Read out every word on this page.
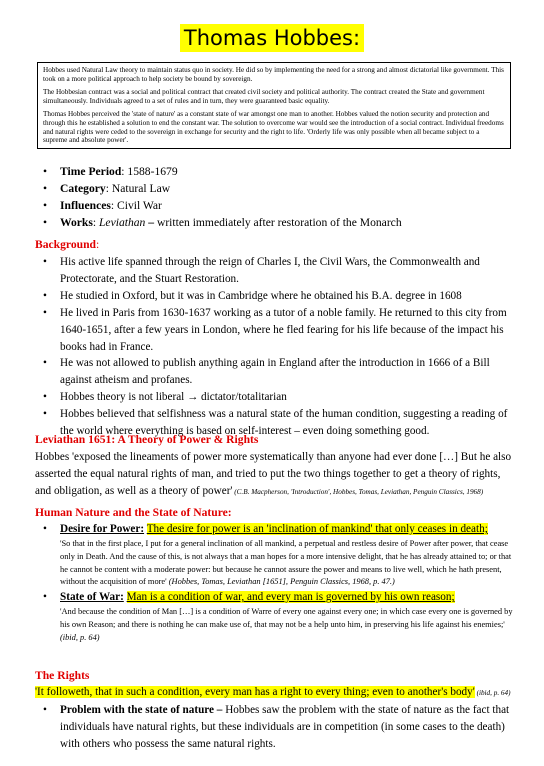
Thomas Hobbes:

Hobbes used Natural Law theory to maintain status quo in society. He did so by implementing the need for a strong and almost dictatorial like government. This took on a more political approach to help society be bound by sovereign.

The Hobbesian contract was a social and political contract that created civil society and political authority. The contract created the State and government simultaneously. Individuals agreed to a set of rules and in turn, they were guaranteed basic equality.

Thomas Hobbes perceived the 'state of nature' as a constant state of war amongst one man to another. Hobbes valued the notion security and protection and through this he established a solution to end the constant war. The solution to overcome war would see the introduction of a social contract. Individual freedoms and natural rights were ceded to the sovereign in exchange for security and the right to life. 'Orderly life was only possible when all became subject to a supreme and absolute power'.

• Time Period: 1588-1679
• Category: Natural Law
• Influences: Civil War
• Works: Leviathan – written immediately after restoration of the Monarch
Background:
• His active life spanned through the reign of Charles I, the Civil Wars, the Commonwealth and Protectorate, and the Stuart Restoration.
• He studied in Oxford, but it was in Cambridge where he obtained his B.A. degree in 1608
• He lived in Paris from 1630-1637 working as a tutor of a noble family. He returned to this city from 1640-1651, after a few years in London, where he fled fearing for his life because of the impact his books had in France.
• He was not allowed to publish anything again in England after the introduction in 1666 of a Bill against atheism and profanes.
• Hobbes theory is not liberal → dictator/totalitarian
• Hobbes believed that selfishness was a natural state of the human condition, suggesting a reading of the world where everything is based on self-interest – even doing something good.
Leviathan 1651: A Theory of Power & Rights
Hobbes 'exposed the lineaments of power more systematically than anyone had ever done […] But he also asserted the equal natural rights of man, and tried to put the two things together to get a theory of rights, and obligation, as well as a theory of power' (C.B. Macpherson, 'Introduction', Hobbes, Tomas, Leviathan, Penguin Classics, 1968)
Human Nature and the State of Nature:
• Desire for Power: The desire for power is an 'inclination of mankind' that only ceases in death;
'So that in the first place, I put for a general inclination of all mankind, a perpetual and restless desire of Power after power, that cease only in Death. And the cause of this, is not always that a man hopes for a more intensive delight, that he has already attained to; or that he cannot be content with a moderate power: but because he cannot assure the power and means to live well, which he hath present, without the acquisition of more' (Hobbes, Tomas, Leviathan [1651], Penguin Classics, 1968, p. 47.)
• State of War: Man is a condition of war, and every man is governed by his own reason;
'And because the condition of Man […] is a condition of Warre of every one against every one; in which case every one is governed by his own Reason; and there is nothing he can make use of, that may not be a help unto him, in preserving his life against his enemies;' (ibid, p. 64)
The Rights
'It followeth, that in such a condition, every man has a right to every thing; even to another's body' (ibid, p. 64)
• Problem with the state of nature – Hobbes saw the problem with the state of nature as the fact that individuals have natural rights, but these individuals are in competition (in some cases to the death) with others who possess the same natural rights.
